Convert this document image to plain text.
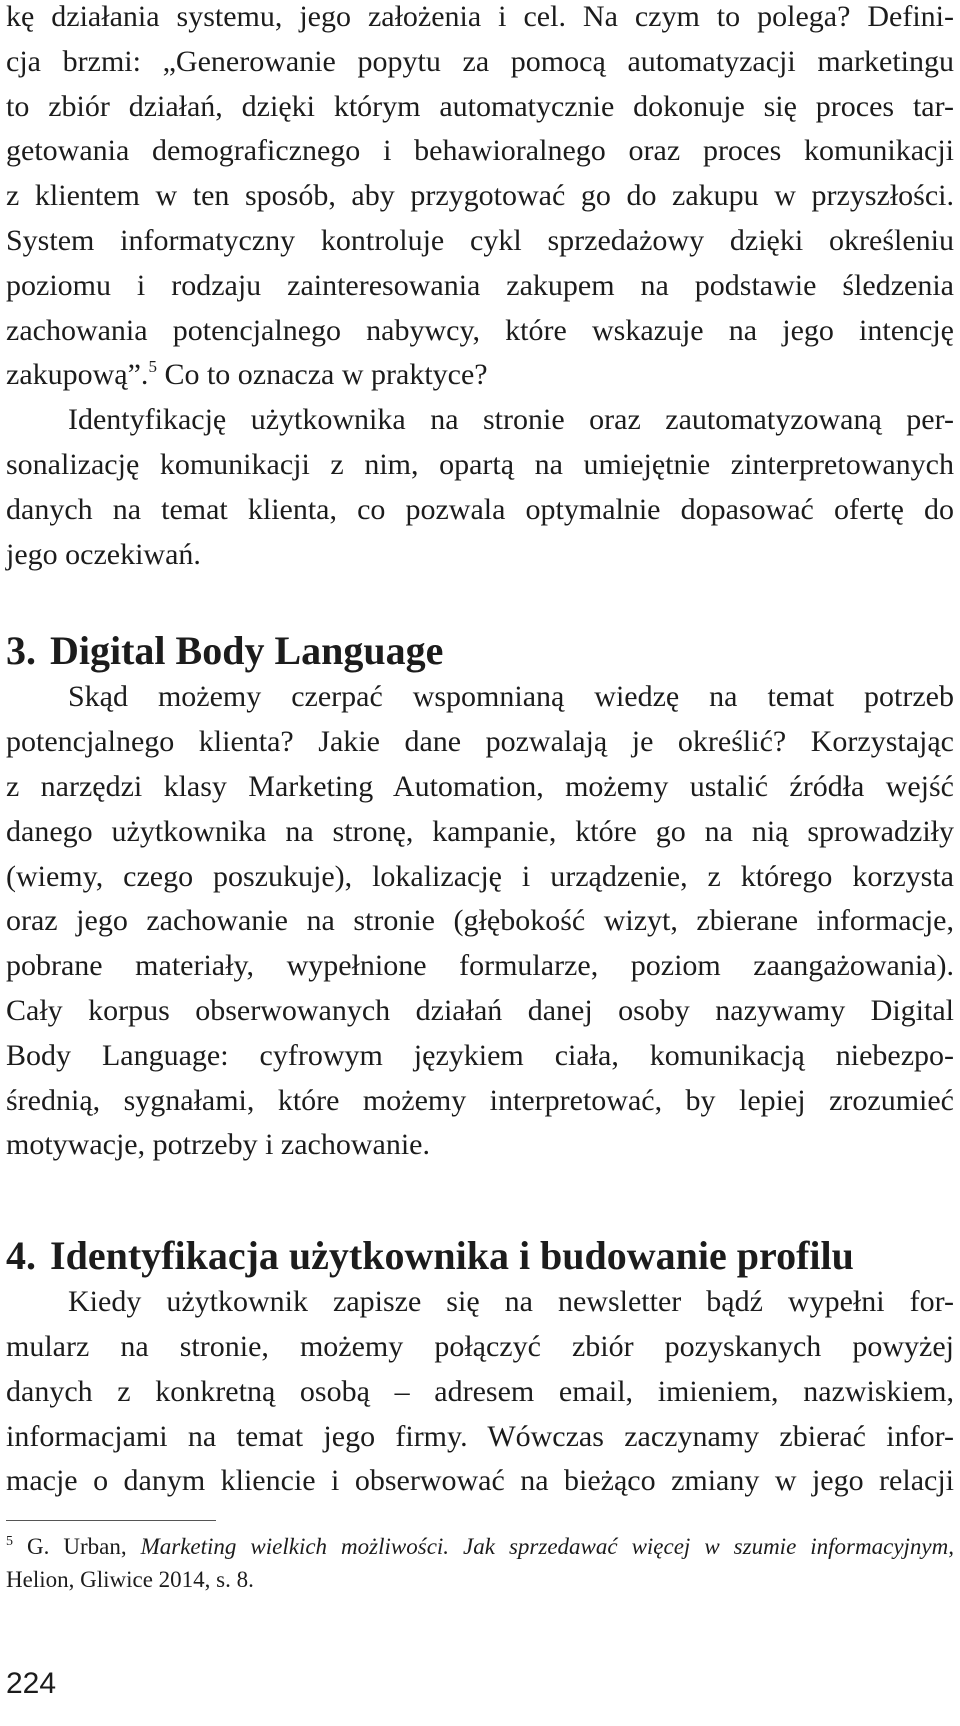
kę działania systemu, jego założenia i cel. Na czym to polega? Defini-
cja brzmi: „Generowanie popytu za pomocą automatyzacji marketingu
to zbiór działań, dzięki którym automatycznie dokonuje się proces tar-
getowania demograficznego i behawioralnego oraz proces komunikacji
z klientem w ten sposób, aby przygotować go do zakupu w przyszłości.
System informatyczny kontroluje cykl sprzedażowy dzięki określeniu
poziomu i rodzaju zainteresowania zakupem na podstawie śledzenia
zachowania potencjalnego nabywcy, które wskazuje na jego intencję
zakupową”.$^5$ Co to oznacza w praktyce?
Identyfikację użytkownika na stronie oraz zautomatyzowaną per-
sonalizację komunikacji z nim, opartą na umiejętnie zinterpretowanych
danych na temat klienta, co pozwala optymalnie dopasować ofertę do
jego oczekiwań.

3. Digital Body Language

Skąd możemy czerpać wspomnianą wiedzę na temat potrzeb
potencjalnego klienta? Jakie dane pozwalają je określić? Korzystając
z narzędzi klasy Marketing Automation, możemy ustalić źródła wejść
danego użytkownika na stronę, kampanie, które go na nią sprowadziły
(wiemy, czego poszukuje), lokalizację i urządzenie, z którego korzysta
oraz jego zachowanie na stronie (głębokość wizyt, zbierane informacje,
pobrane materiały, wypełnione formularze, poziom zaangażowania).
Cały korpus obserwowanych działań danej osoby nazywamy Digital
Body Language: cyfrowym językiem ciała, komunikacją niebezpo-
średnią, sygnałami, które możemy interpretować, by lepiej zrozumieć
motywacje, potrzeby i zachowanie.

4. Identyfikacja użytkownika i budowanie profilu

Kiedy użytkownik zapisze się na newsletter bądź wypełni for-
mularz na stronie, możemy połączyć zbiór pozyskanych powyżej
danych z konkretną osobą – adresem email, imieniem, nazwiskiem,
informacjami na temat jego firmy. Wówczas zaczynamy zbierać infor-
macje o danym kliencie i obserwować na bieżąco zmiany w jego relacji

$^5$ G. Urban, Marketing wielkich możliwości. Jak sprzedawać więcej w szumie informacyjnym,
Helion, Gliwice 2014, s. 8.
224
